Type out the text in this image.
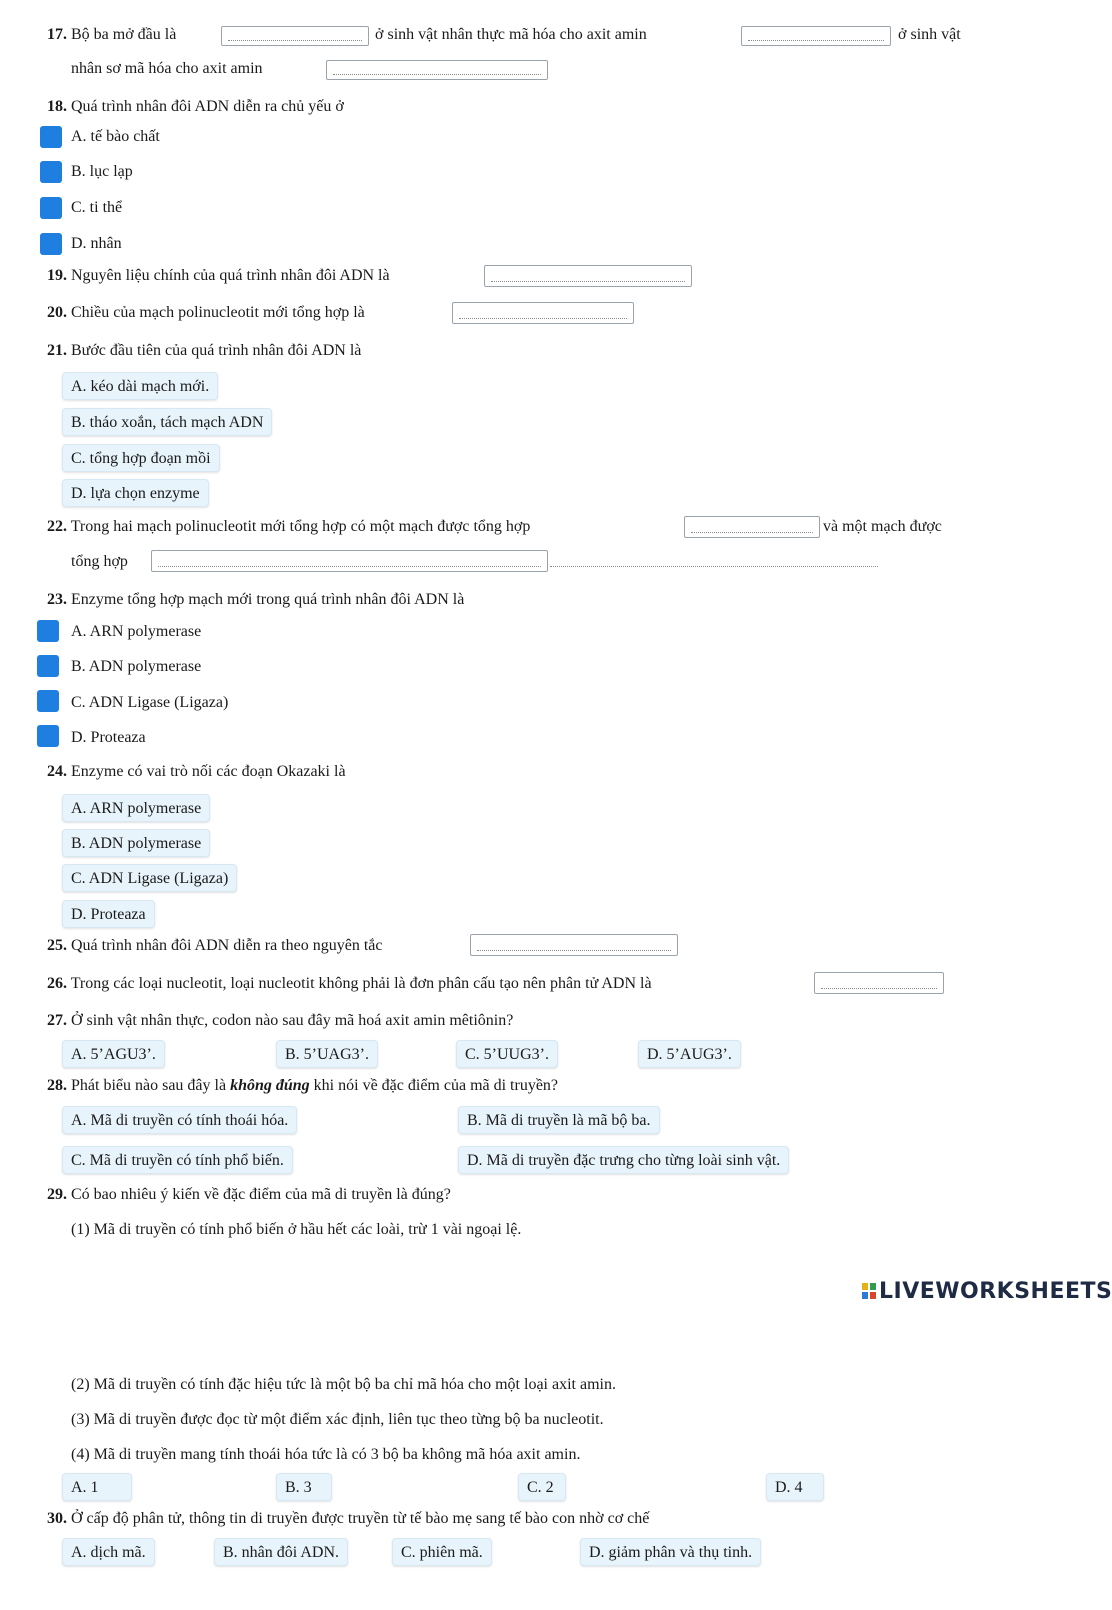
17. Bộ ba mở đầu là	ở sinh vật nhân thực mã hóa cho axit amin	ở sinh vật
nhân sơ mã hóa cho axit amin
18. Quá trình nhân đôi ADN diễn ra chủ yếu ở
A. tế bào chất
B. lục lạp
C. ti thể
D. nhân
19. Nguyên liệu chính của quá trình nhân đôi ADN là
20. Chiều của mạch polinucleotit mới tổng hợp là
21. Bước đầu tiên của quá trình nhân đôi ADN là
A. kéo dài mạch mới.
B. tháo xoắn, tách mạch ADN
C. tổng hợp đoạn mồi
D. lựa chọn enzyme
22. Trong hai mạch polinucleotit mới tổng hợp có một mạch được tổng hợp	và một mạch được
tổng hợp
23. Enzyme tổng hợp mạch mới trong quá trình nhân đôi ADN là
A. ARN polymerase
B. ADN polymerase
C. ADN Ligase (Ligaza)
D. Proteaza
24. Enzyme có vai trò nối các đoạn Okazaki là
A. ARN polymerase
B. ADN polymerase
C. ADN Ligase (Ligaza)
D. Proteaza
25. Quá trình nhân đôi ADN diễn ra theo nguyên tắc
26. Trong các loại nucleotit, loại nucleotit không phải là đơn phân cấu tạo nên phân tử ADN là
27. Ở sinh vật nhân thực, codon nào sau đây mã hoá axit amin mêtiônin?
A. 5’AGU3’.	B. 5’UAG3’.	C. 5’UUG3’.	D. 5’AUG3’.
28. Phát biểu nào sau đây là không đúng khi nói về đặc điểm của mã di truyền?
A. Mã di truyền có tính thoái hóa.	B. Mã di truyền là mã bộ ba.
C. Mã di truyền có tính phổ biến.	D. Mã di truyền đặc trưng cho từng loài sinh vật.
29. Có bao nhiêu ý kiến về đặc điểm của mã di truyền là đúng?
(1) Mã di truyền có tính phổ biến ở hầu hết các loài, trừ 1 vài ngoại lệ.
LIVEWORKSHEETS
(2) Mã di truyền có tính đặc hiệu tức là một bộ ba chỉ mã hóa cho một loại axit amin.
(3) Mã di truyền được đọc từ một điểm xác định, liên tục theo từng bộ ba nucleotit.
(4) Mã di truyền mang tính thoái hóa tức là có 3 bộ ba không mã hóa axit amin.
A. 1	B. 3	C. 2	D. 4
30. Ở cấp độ phân tử, thông tin di truyền được truyền từ tế bào mẹ sang tế bào con nhờ cơ chế
A. dịch mã.	B. nhân đôi ADN.	C. phiên mã.	D. giảm phân và thụ tinh.
